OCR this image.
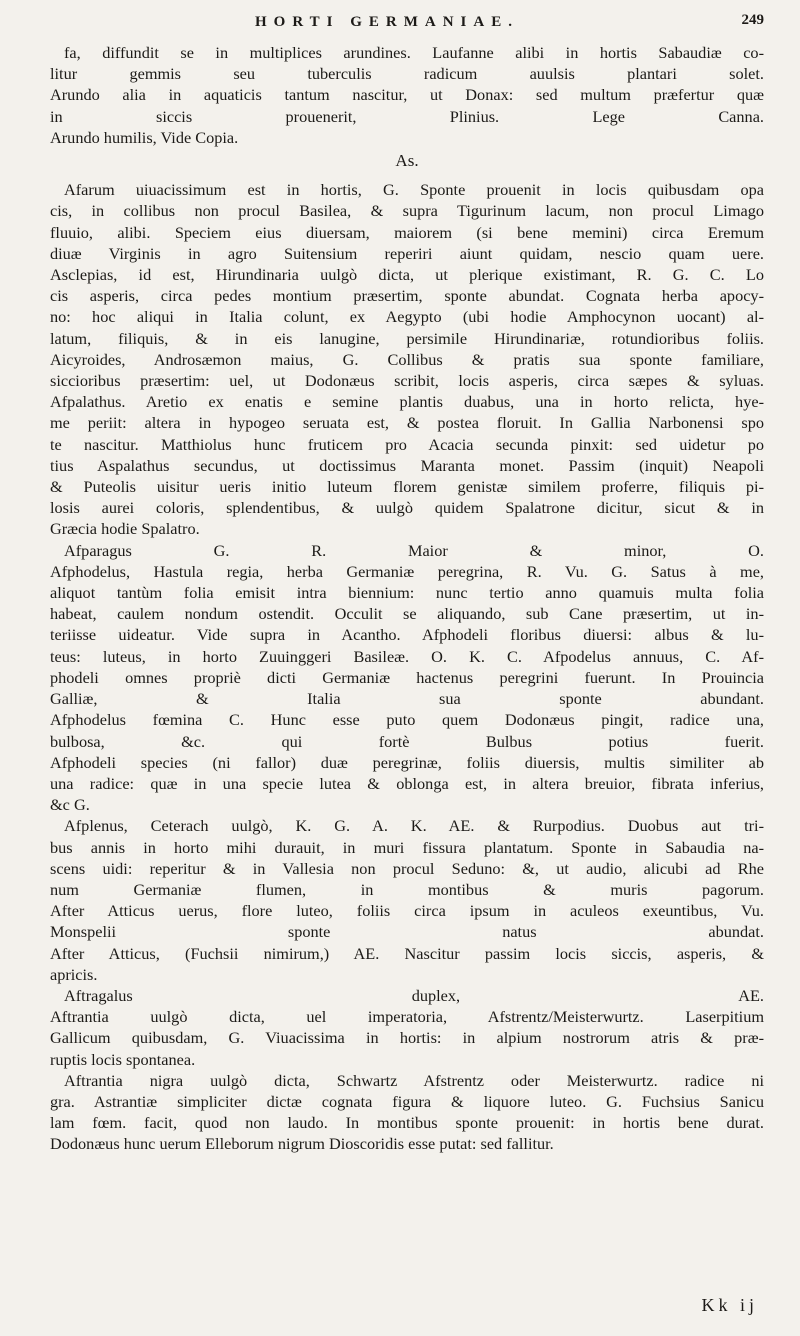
HORTI GERMANIAE.	249
fa, diffundit se in multiplices arundines. Laufanne alibi in hortis Sabaudiæ co-
litur gemmis seu tuberculis radicum auulsis plantari solet.
Arundo alia in aquaticis tantum nascitur, ut Donax: sed multum præfertur quæ
in siccis prouenerit, Plinius. Lege Canna.
Arundo humilis, Vide Copia.
As.
Afarum uiuacissimum est in hortis, G. Sponte prouenit in locis quibusdam opa
cis, in collibus non procul Basilea, & supra Tigurinum lacum, non procul Limago
fluuio, alibi. Speciem eius diuersam, maiorem (si bene memini) circa Eremum
diuæ Virginis in agro Suitensium reperiri aiunt quidam, nescio quam uere.
Asclepias, id est, Hirundinaria uulgò dicta, ut plerique existimant, R. G. C. Lo
cis asperis, circa pedes montium præsertim, sponte abundat. Cognata herba apocy-
no: hoc aliqui in Italia colunt, ex Aegypto (ubi hodie Amphocynon uocant) al-
latum, filiquis, & in eis lanugine, persimile Hirundinariæ, rotundioribus foliis.
Aicyroides, Androsæmon maius, G. Collibus & pratis sua sponte familiare,
siccioribus præsertim: uel, ut Dodonæus scribit, locis asperis, circa sæpes & syluas.
Afpalathus. Aretio ex enatis e semine plantis duabus, una in horto relicta, hye-
me periit: altera in hypogeo seruata est, & postea floruit. In Gallia Narbonensi spo
te nascitur. Matthiolus hunc fruticem pro Acacia secunda pinxit: sed uidetur po
tius Aspalathus secundus, ut doctissimus Maranta monet. Passim (inquit) Neapoli
& Puteolis uisitur ueris initio luteum florem genistæ similem proferre, filiquis pi-
losis aurei coloris, splendentibus, & uulgò quidem Spalatrone dicitur, sicut & in
Græcia hodie Spalatro.
Afparagus G. R. Maior & minor, O.
Afphodelus, Hastula regia, herba Germaniæ peregrina, R. Vu. G. Satus à me,
aliquot tantùm folia emisit intra biennium: nunc tertio anno quamuis multa folia
habeat, caulem nondum ostendit. Occulit se aliquando, sub Cane præsertim, ut in-
teriisse uideatur. Vide supra in Acantho. Afphodeli floribus diuersi: albus & lu-
teus: luteus, in horto Zuuinggeri Basileæ. O. K. C. Afpodelus annuus, C. Af-
phodeli omnes propriè dicti Germaniæ hactenus peregrini fuerunt. In Prouincia
Galliæ, & Italia sua sponte abundant.
Afphodelus fœmina C. Hunc esse puto quem Dodonæus pingit, radice una,
bulbosa, &c. qui fortè Bulbus potius fuerit.
Afphodeli species (ni fallor) duæ peregrinæ, foliis diuersis, multis similiter ab
una radice: quæ in una specie lutea & oblonga est, in altera breuior, fibrata inferius,
&c G.
Afplenus, Ceterach uulgò, K. G. A. K. AE. & Rurpodius. Duobus aut tri-
bus annis in horto mihi durauit, in muri fissura plantatum. Sponte in Sabaudia na-
scens uidi: reperitur & in Vallesia non procul Seduno: &, ut audio, alicubi ad Rhe
num Germaniæ flumen, in montibus & muris pagorum.
After Atticus uerus, flore luteo, foliis circa ipsum in aculeos exeuntibus, Vu.
Monspelii sponte natus abundat.
After Atticus, (Fuchsii nimirum,) AE. Nascitur passim locis siccis, asperis, &
apricis.
Aftragalus duplex, AE.
Aftrantia uulgò dicta, uel imperatoria, Afstrentz/Meisterwurtz. Laserpitium
Gallicum quibusdam, G. Viuacissima in hortis: in alpium nostrorum atris & præ-
ruptis locis spontanea.
Aftrantia nigra uulgò dicta, Schwartz Afstrentz oder Meisterwurtz. radice ni
gra. Astrantiæ simpliciter dictæ cognata figura & liquore luteo. G. Fuchsius Sanicu
lam fœm. facit, quod non laudo. In montibus sponte prouenit: in hortis bene durat.
Dodonæus hunc uerum Elleborum nigrum Dioscoridis esse putat: sed fallitur.
Kk ij
